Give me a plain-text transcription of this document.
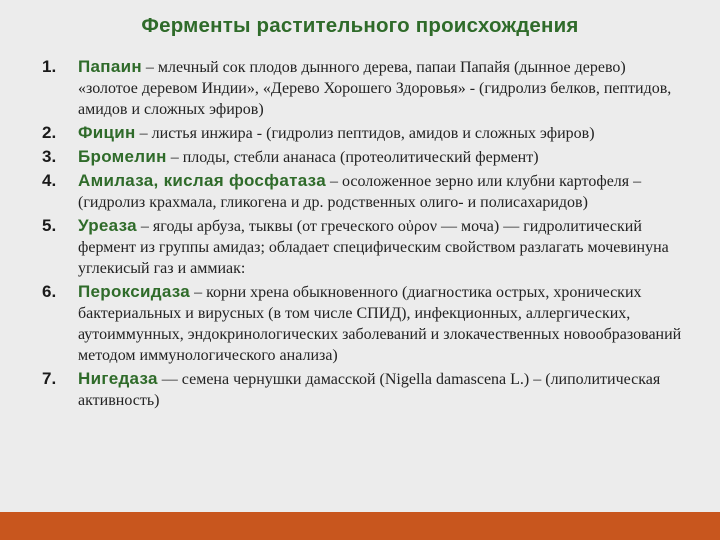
Ферменты растительного происхождения
1. Папаин – млечный сок плодов дынного дерева, папаи Папайя (дынное дерево) «золотое деревом Индии», «Дерево Хорошего Здоровья» - (гидролиз белков, пептидов, амидов и сложных эфиров)
2. Фицин – листья инжира - (гидролиз пептидов, амидов и сложных эфиров)
3. Бромелин – плоды, стебли ананаса (протеолитический фермент)
4. Амилаза, кислая фосфатаза – осоложенное зерно или клубни картофеля – (гидролиз крахмала, гликогена и др. родственных олиго- и полисахаридов)
5. Уреаза – ягоды арбуза, тыквы (от греческого οὐρον — моча) — гидролитический фермент из группы амидаз; обладает специфическим свойством разлагать мочевинуна углекисый газ и аммиак:
6. Пероксидаза – корни хрена обыкновенного (диагностика острых, хронических бактериальных и вирусных (в том числе СПИД), инфекционных, аллергических, аутоиммунных, эндокринологических заболеваний и злокачественных новообразований методом иммунологического анализа)
7. Нигедаза — семена чернушки дамасской (Nigella damascena L.) – (липолитическая активность)
